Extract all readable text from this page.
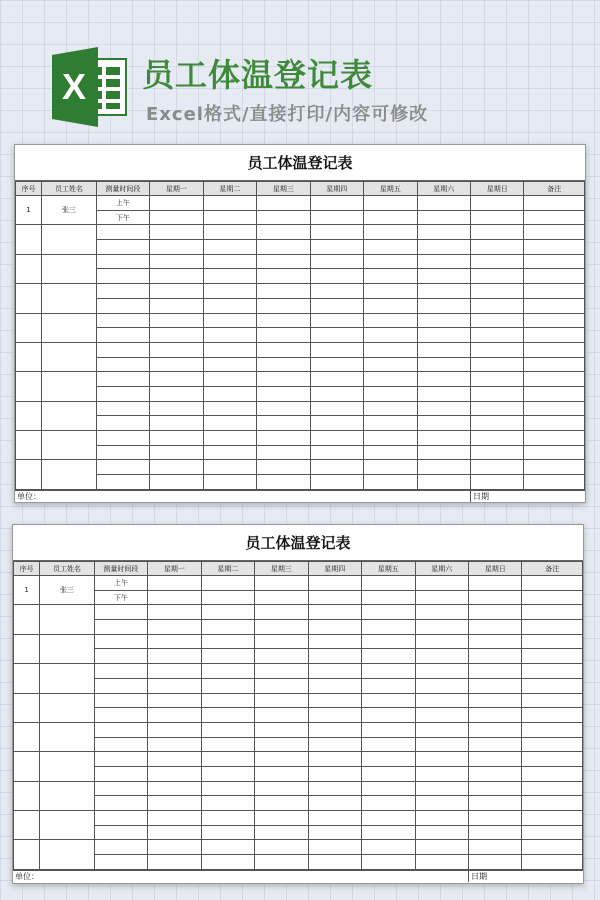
X 员工体温登记表
Excel格式/直接打印/内容可修改
员工体温登记表
序号	员工姓名	测量时间段	星期一	星期二	星期三	星期四	星期五	星期六	星期日	备注
1	张三	上午								
		下午								

单位：	日期
员工体温登记表
序号	员工姓名	测量时间段	星期一	星期二	星期三	星期四	星期五	星期六	星期日	备注
1	张三	上午								
		下午								

单位：	日期
